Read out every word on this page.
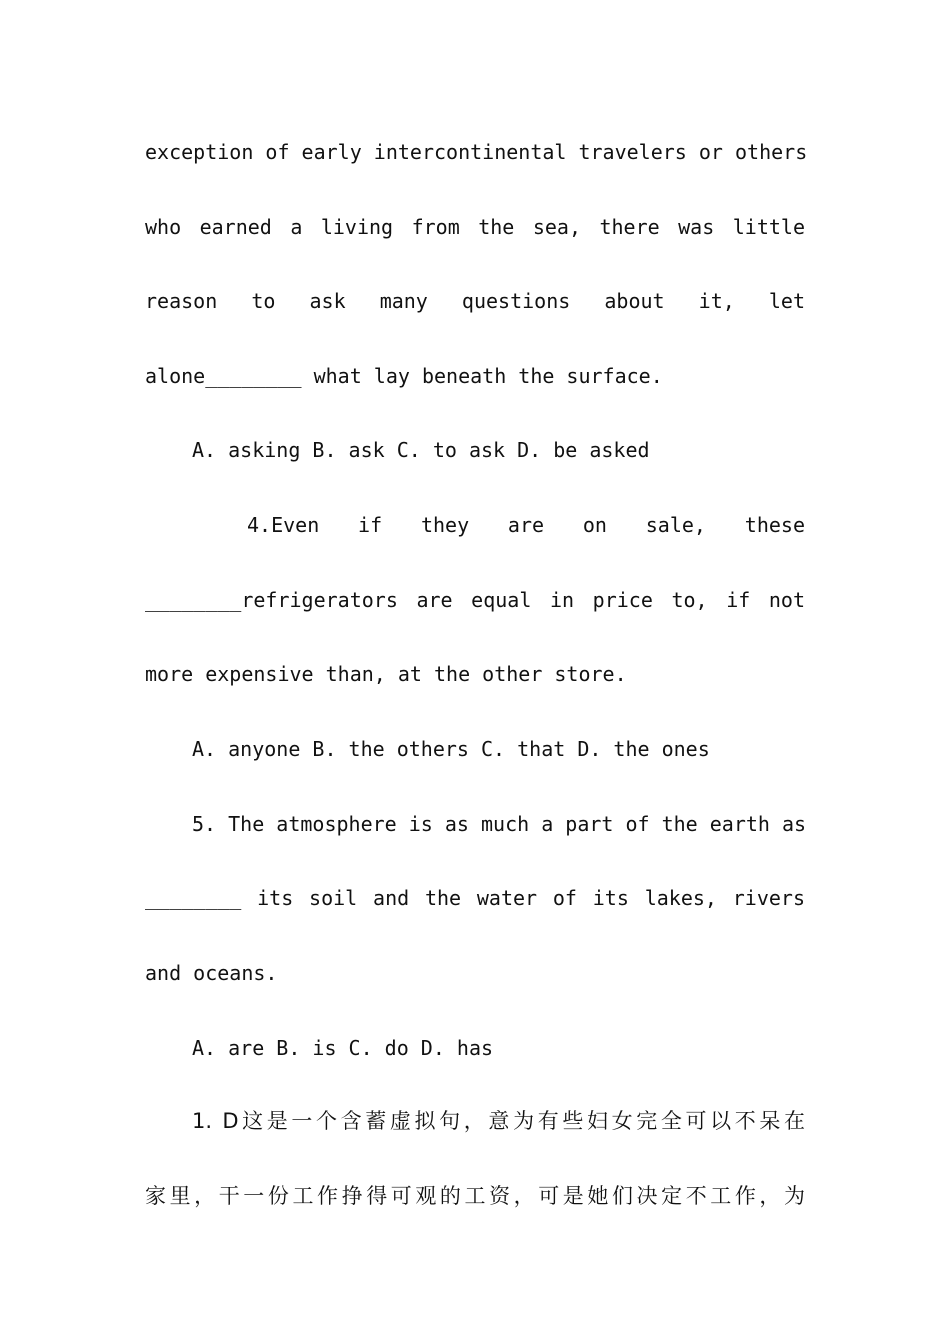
exception of early intercontinental travelers or others
who earned a living from the sea, there was little
reason to ask many questions about it, let
alone________ what lay beneath the surface.
A. asking B. ask C. to ask D. be asked
4.Even if they are on sale, these
________refrigerators are equal in price to, if not
more expensive than, at the other store.
A. anyone B. the others C. that D. the ones
5. The atmosphere is as much a part of the earth as
________ its soil and the water of its lakes, rivers
and oceans.
A. are B. is C. do D. has
1. D这是一个含蓄虚拟句，意为有些妇女完全可以不呆在
家里，干一份工作挣得可观的工资，可是她们决定不工作，为
